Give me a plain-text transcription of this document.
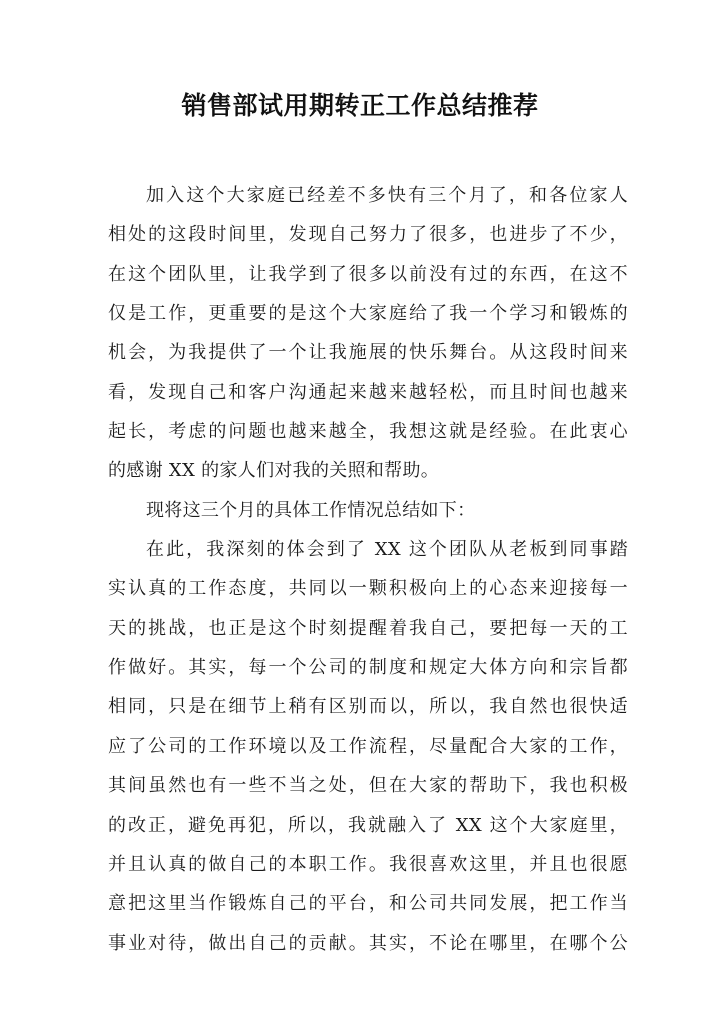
销售部试用期转正工作总结推荐
加入这个大家庭已经差不多快有三个月了，和各位家人
相处的这段时间里，发现自己努力了很多，也进步了不少，
在这个团队里，让我学到了很多以前没有过的东西，在这不
仅是工作，更重要的是这个大家庭给了我一个学习和锻炼的
机会，为我提供了一个让我施展的快乐舞台。从这段时间来
看，发现自己和客户沟通起来越来越轻松，而且时间也越来
起长，考虑的问题也越来越全，我想这就是经验。在此衷心
的感谢 XX 的家人们对我的关照和帮助。
现将这三个月的具体工作情况总结如下：
在此，我深刻的体会到了 XX 这个团队从老板到同事踏
实认真的工作态度，共同以一颗积极向上的心态来迎接每一
天的挑战，也正是这个时刻提醒着我自己，要把每一天的工
作做好。其实，每一个公司的制度和规定大体方向和宗旨都
相同，只是在细节上稍有区别而以，所以，我自然也很快适
应了公司的工作环境以及工作流程，尽量配合大家的工作，
其间虽然也有一些不当之处，但在大家的帮助下，我也积极
的改正，避免再犯，所以，我就融入了 XX 这个大家庭里，
并且认真的做自己的本职工作。我很喜欢这里，并且也很愿
意把这里当作锻炼自己的平台，和公司共同发展，把工作当
事业对待，做出自己的贡献。其实，不论在哪里，在哪个公
